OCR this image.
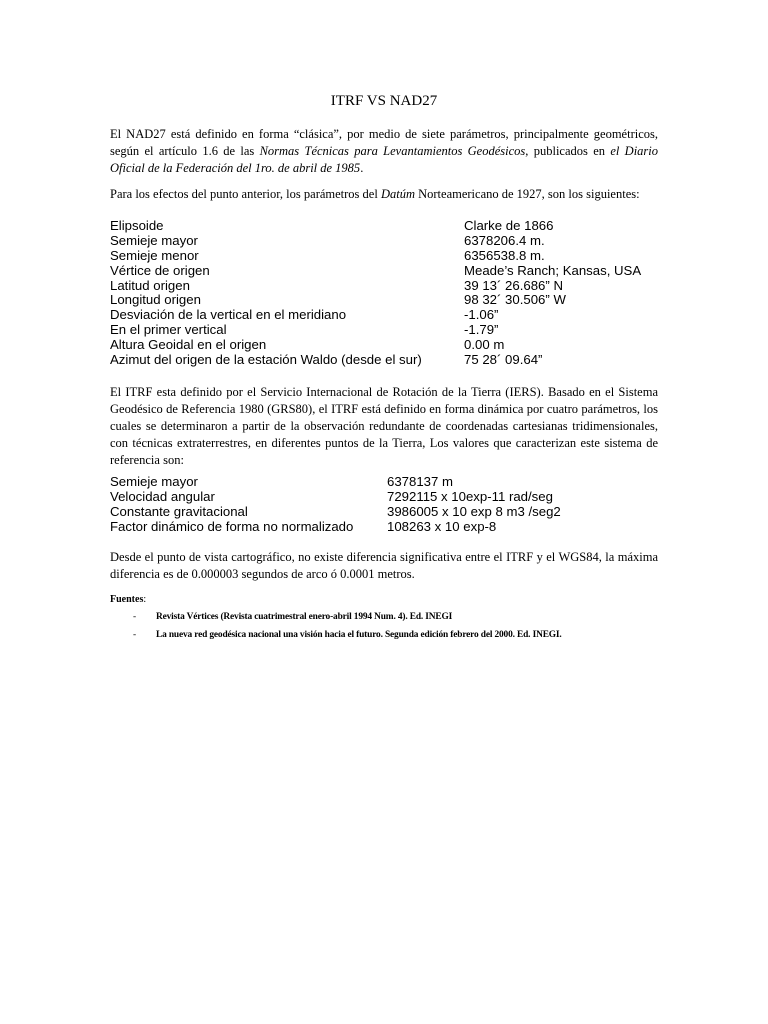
ITRF VS NAD27
El NAD27 está definido en forma “clásica”, por medio de siete parámetros, principalmente geométricos, según el artículo 1.6 de las Normas Técnicas para Levantamientos Geodésicos, publicados en el Diario Oficial de la Federación del 1ro. de abril de 1985.
Para los efectos del punto anterior, los parámetros del Datúm Norteamericano de 1927, son los siguientes:
Elipsoide	Clarke de 1866
Semieje mayor	6378206.4 m.
Semieje menor	6356538.8 m.
Vértice de origen	Meade’s Ranch; Kansas, USA
Latitud origen	39 13´ 26.686” N
Longitud origen	98 32´ 30.506” W
Desviación de la vertical en el meridiano	-1.06”
En el primer vertical	-1.79”
Altura Geoidal en el origen	0.00 m
Azimut del origen de la estación Waldo (desde el sur)	75 28´ 09.64”
El ITRF esta definido por el Servicio Internacional de Rotación de la Tierra (IERS). Basado en el Sistema Geodésico de Referencia 1980 (GRS80), el ITRF está definido en forma dinámica por cuatro parámetros, los cuales se determinaron a partir de la observación redundante de coordenadas cartesianas tridimensionales, con técnicas extraterrestres, en diferentes puntos de la Tierra, Los valores que caracterizan este sistema de referencia son:
Semieje mayor	6378137 m
Velocidad angular	7292115 x 10exp-11 rad/seg
Constante gravitacional	3986005 x 10 exp 8 m3 /seg2
Factor dinámico de forma no normalizado	108263 x 10 exp-8
Desde el punto de vista cartográfico, no existe diferencia significativa entre el ITRF y el WGS84, la máxima diferencia es de 0.000003 segundos de arco ó 0.0001 metros.
Fuentes:
- Revista Vértices (Revista cuatrimestral enero-abril 1994 Num. 4). Ed. INEGI
- La nueva red geodésica nacional una visión hacia el futuro. Segunda edición febrero del 2000. Ed. INEGI.
